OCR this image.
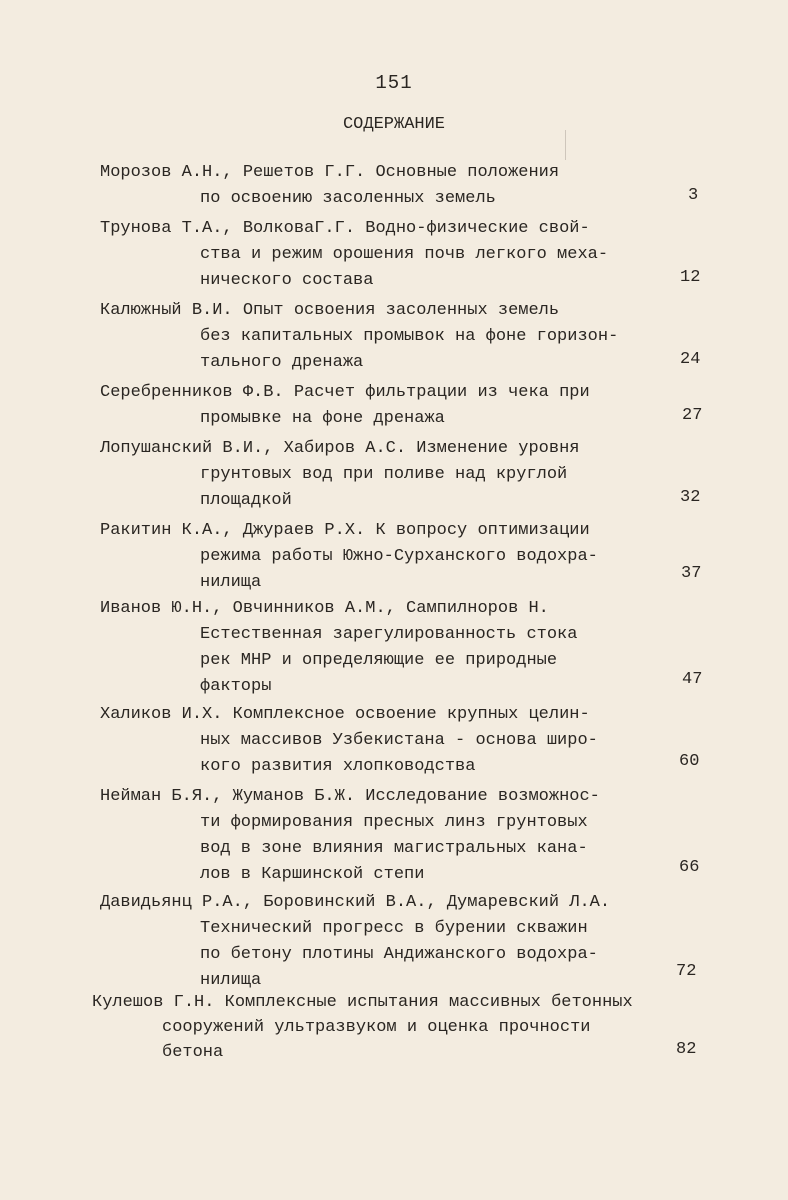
151
СОДЕРЖАНИЕ
Морозов А.Н., Решетов Г.Г. Основные положения
по освоению засоленных земель	3
Трунова Т.А., ВолковаГ.Г. Водно-физические свой-
ства и режим орошения почв легкого меха-
нического состава	12
Калюжный В.И. Опыт освоения засоленных земель
без капитальных промывок на фоне горизон-
тального дренажа	24
Серебренников Ф.В. Расчет фильтрации из чека при
промывке на фоне дренажа	27
Лопушанский В.И., Хабиров А.С. Изменение уровня
грунтовых вод при поливе над круглой
площадкой	32
Ракитин К.А., Джураев Р.Х. К вопросу оптимизации
режима работы Южно-Сурханского водохра-
нилища	37
Иванов Ю.Н., Овчинников А.М., Сампилноров Н.
Естественная зарегулированность стока
рек МНР и определяющие ее природные
факторы	47
Халиков И.Х. Комплексное освоение крупных целин-
ных массивов Узбекистана - основа широ-
кого развития хлопководства	60
Нейман Б.Я., Жуманов Б.Ж. Исследование возможнос-
ти формирования пресных линз грунтовых
вод в зоне влияния магистральных кана-
лов в Каршинской степи	66
Давидьянц Р.А., Боровинский В.А., Думаревский Л.А.
Технический прогресс в бурении скважин
по бетону плотины Андижанского водохра-
нилища	72
Кулешов Г.Н. Комплексные испытания массивных бетонных
сооружений ультразвуком и оценка прочности
бетона	82
